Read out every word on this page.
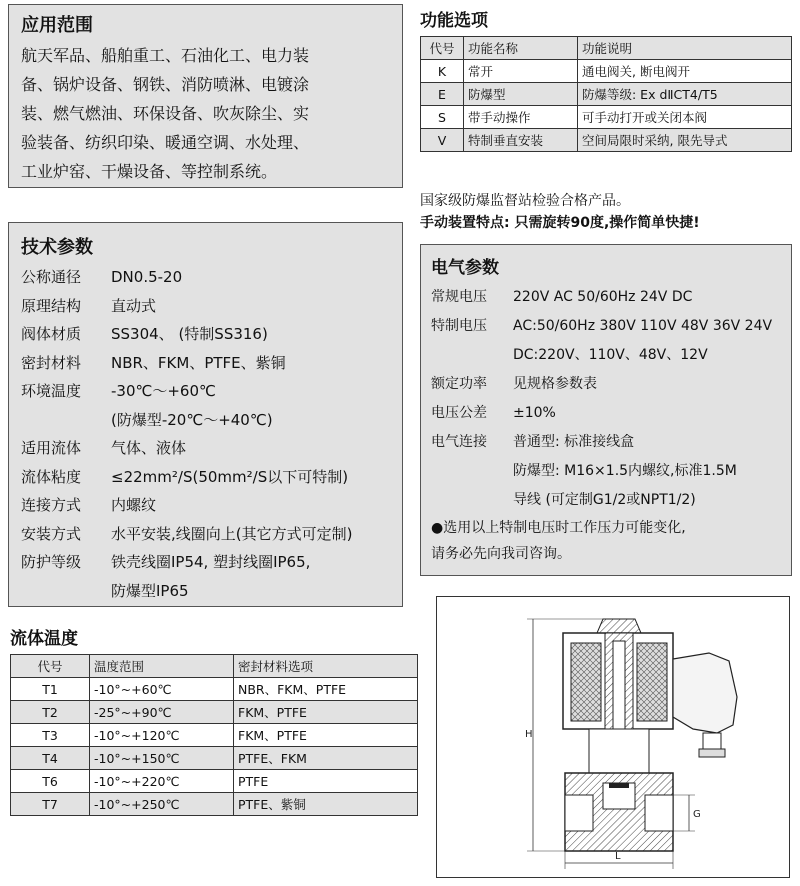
应用范围
航天军品、船舶重工、石油化工、电力装
备、锅炉设备、钢铁、消防喷淋、电镀涂
装、燃气燃油、环保设备、吹灰除尘、实
验装备、纺织印染、暖通空调、水处理、
工业炉窑、干燥设备、等控制系统。
功能选项
代号	功能名称	功能说明
K	常开	通电阀关, 断电阀开
E	防爆型	防爆等级: Ex dⅡCT4/T5
S	带手动操作	可手动打开或关闭本阀
V	特制垂直安装	空间局限时采纳, 限先导式
国家级防爆监督站检验合格产品。
手动装置特点: 只需旋转90度,操作简单快捷!
技术参数
公称通径 DN0.5-20
原理结构 直动式
阀体材质 SS304、 (特制SS316)
密封材料 NBR、FKM、PTFE、紫铜
环境温度 -30℃～+60℃
(防爆型-20℃～+40℃)
适用流体 气体、液体
流体粘度 ≤22mm²/S(50mm²/S以下可特制)
连接方式 内螺纹
安装方式 水平安装,线圈向上(其它方式可定制)
防护等级 铁壳线圈IP54, 塑封线圈IP65,
防爆型IP65
电气参数
常规电压 220V AC 50/60Hz 24V DC
特制电压 AC:50/60Hz 380V 110V 48V 36V 24V
DC:220V、110V、48V、12V
额定功率 见规格参数表
电压公差 ±10%
电气连接 普通型: 标准接线盒
防爆型: M16×1.5内螺纹,标准1.5M
导线 (可定制G1/2或NPT1/2)
●选用以上特制电压时工作压力可能变化,
请务必先向我司咨询。
流体温度
代号	温度范围	密封材料选项
T1	-10°~+60℃	NBR、FKM、PTFE
T2	-25°~+90℃	FKM、PTFE
T3	-10°~+120℃	FKM、PTFE
T4	-10°~+150℃	PTFE、FKM
T6	-10°~+220℃	PTFE
T7	-10°~+250℃	PTFE、紫铜
H
L
G
